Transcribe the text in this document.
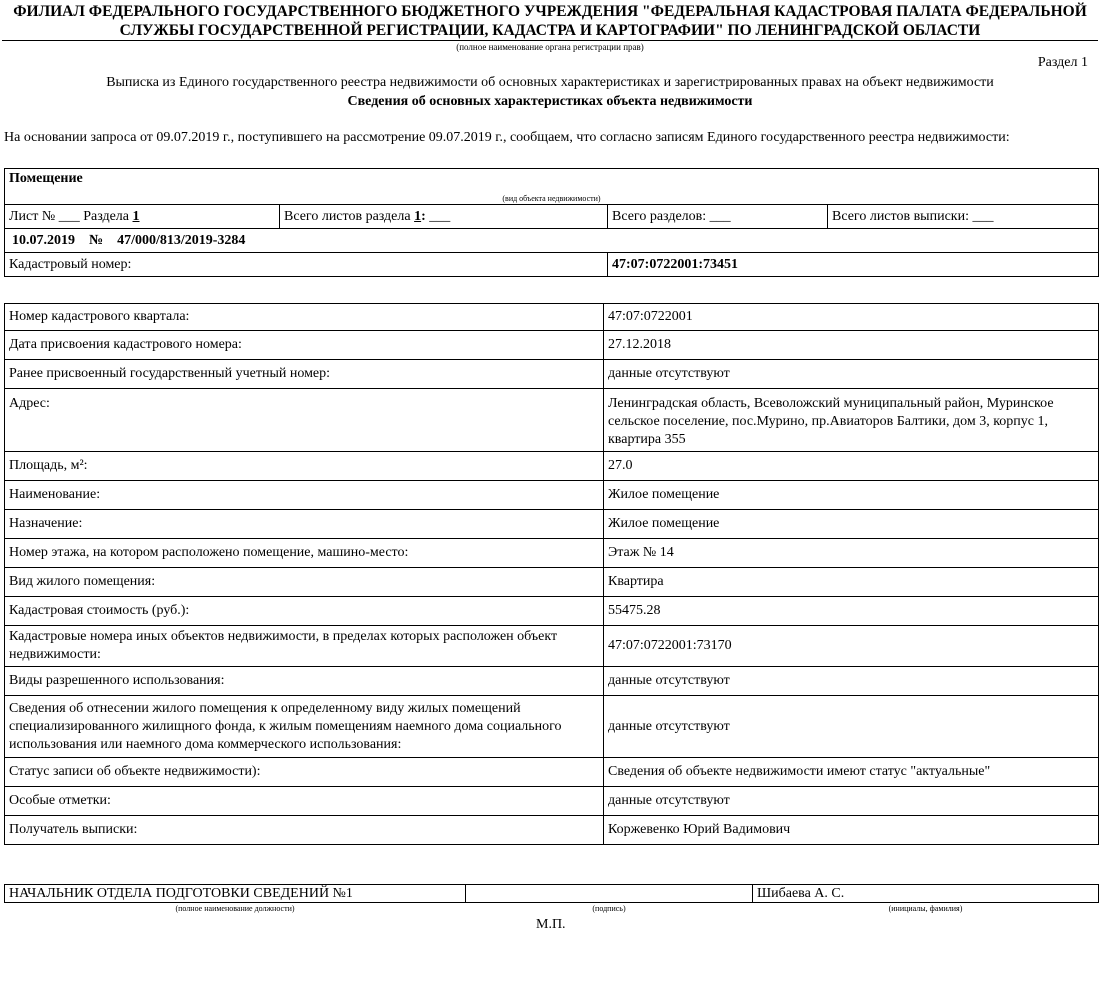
ФИЛИАЛ ФЕДЕРАЛЬНОГО ГОСУДАРСТВЕННОГО БЮДЖЕТНОГО УЧРЕЖДЕНИЯ "ФЕДЕРАЛЬНАЯ КАДАСТРОВАЯ ПАЛАТА ФЕДЕРАЛЬНОЙ
СЛУЖБЫ ГОСУДАРСТВЕННОЙ РЕГИСТРАЦИИ, КАДАСТРА И КАРТОГРАФИИ" ПО ЛЕНИНГРАДСКОЙ ОБЛАСТИ
(полное наименование органа регистрации прав)
Раздел 1
Выписка из Единого государственного реестра недвижимости об основных характеристиках и зарегистрированных правах на объект недвижимости
Сведения об основных характеристиках объекта недвижимости
На основании запроса от 09.07.2019 г., поступившего на рассмотрение 09.07.2019 г., сообщаем, что согласно записям Единого государственного реестра недвижимости:
Помещение
(вид объекта недвижимости)			

Лист № ___ Раздела 1	Всего листов раздела 1: ___	Всего разделов: ___	Всего листов выписки: ___
10.07.2019 № 47/000/813/2019-3284			
Кадастровый номер:		47:07:0722001:73451	
Номер кадастрового квартала:	47:07:0722001
Дата присвоения кадастрового номера:	27.12.2018
Ранее присвоенный государственный учетный номер:	данные отсутствуют
Адрес:	Ленинградская область, Всеволожский муниципальный район, Муринское сельское поселение, пос.Мурино, пр.Авиаторов Балтики, дом 3, корпус 1, квартира 355
Площадь, м²:	27.0
Наименование:	Жилое помещение
Назначение:	Жилое помещение
Номер этажа, на котором расположено помещение, машино-место:	Этаж № 14
Вид жилого помещения:	Квартира
Кадастровая стоимость (руб.):	55475.28
Кадастровые номера иных объектов недвижимости, в пределах которых расположен объект недвижимости:	47:07:0722001:73170
Виды разрешенного использования:	данные отсутствуют
Сведения об отнесении жилого помещения к определенному виду жилых помещений специализированного жилищного фонда, к жилым помещениям наемного дома социального использования или наемного дома коммерческого использования:	данные отсутствуют
Статус записи об объекте недвижимости):	Сведения об объекте недвижимости имеют статус "актуальные"
Особые отметки:	данные отсутствуют
Получатель выписки:	Коржевенко Юрий Вадимович
НАЧАЛЬНИК ОТДЕЛА ПОДГОТОВКИ СВЕДЕНИЙ №1		Шибаева А. С.
(полное наименование должности)	(подпись)	(инициалы, фамилия)
М.П.
